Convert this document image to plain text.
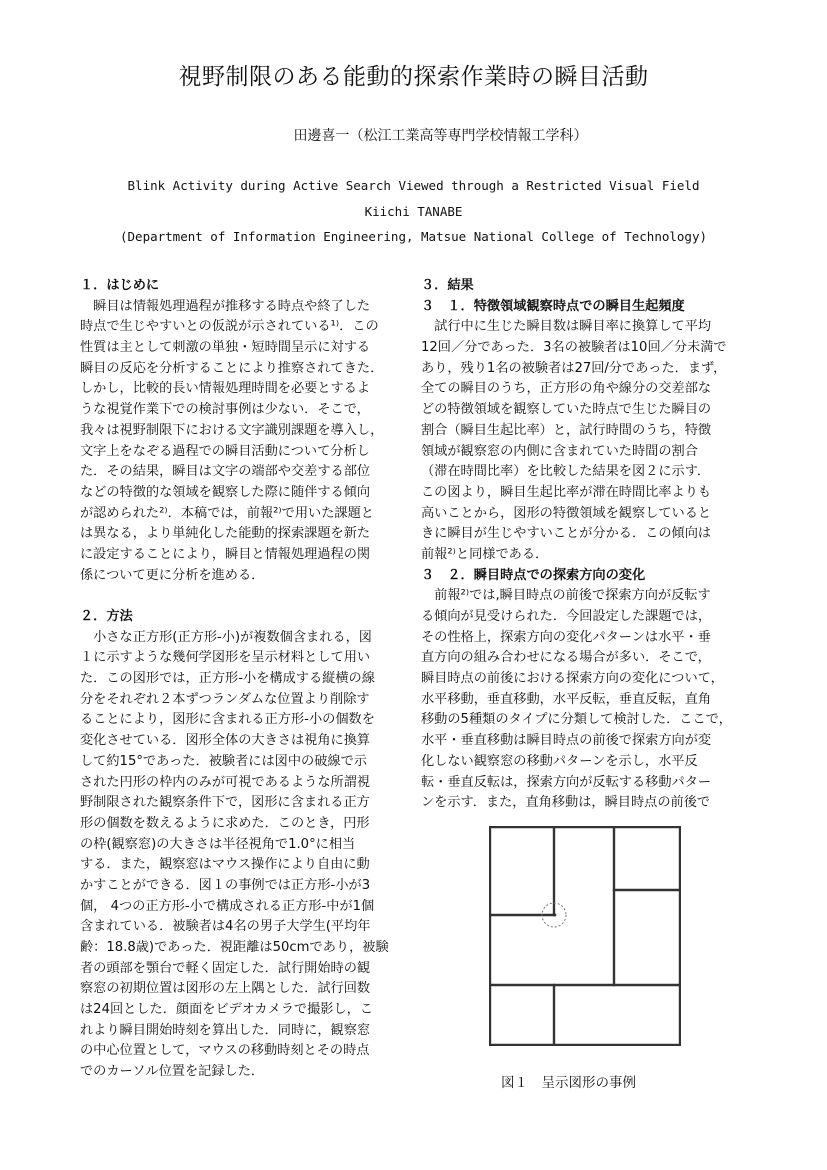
視野制限のある能動的探索作業時の瞬目活動
田邊喜一（松江工業高等専門学校情報工学科）
Blink Activity during Active Search Viewed through a Restricted Visual Field
Kiichi TANABE
(Department of Information Engineering, Matsue National College of Technology)
１．はじめに
　瞬目は情報処理過程が推移する時点や終了した
時点で生じやすいとの仮説が示されている¹⁾．この
性質は主として刺激の単独・短時間呈示に対する
瞬目の反応を分析することにより推察されてきた．
しかし，比較的長い情報処理時間を必要とするよ
うな視覚作業下での検討事例は少ない．そこで，
我々は視野制限下における文字識別課題を導入し，
文字上をなぞる過程での瞬目活動について分析し
た．その結果，瞬目は文字の端部や交差する部位
などの特徴的な領域を観察した際に随伴する傾向
が認められた²⁾．本稿では，前報²⁾で用いた課題と
は異なる，より単純化した能動的探索課題を新た
に設定することにより，瞬目と情報処理過程の関
係について更に分析を進める．
２．方法
　小さな正方形(正方形-小)が複数個含まれる，図
１に示すような幾何学図形を呈示材料として用い
た．この図形では，正方形-小を構成する縦横の線
分をそれぞれ２本ずつランダムな位置より削除す
ることにより，図形に含まれる正方形-小の個数を
変化させている．図形全体の大きさは視角に換算
して約15°であった．被験者には図中の破線で示
された円形の枠内のみが可視であるような所謂視
野制限された観察条件下で，図形に含まれる正方
形の個数を数えるように求めた．このとき，円形
の枠(観察窓)の大きさは半径視角で1.0°に相当
する．また，観察窓はマウス操作により自由に動
かすことができる．図１の事例では正方形-小が3
個， 4つの正方形-小で構成される正方形-中が1個
含まれている．被験者は4名の男子大学生(平均年
齢：18.8歳)であった．視距離は50cmであり，被験
者の頭部を顎台で軽く固定した．試行開始時の観
察窓の初期位置は図形の左上隅とした．試行回数
は24回とした．顔面をビデオカメラで撮影し，こ
れより瞬目開始時刻を算出した．同時に，観察窓
の中心位置として，マウスの移動時刻とその時点
でのカーソル位置を記録した．
３．結果
３　１．特徴領域観察時点での瞬目生起頻度
　試行中に生じた瞬目数は瞬目率に換算して平均
12回／分であった．3名の被験者は10回／分未満で
あり，残り1名の被験者は27回/分であった．まず，
全ての瞬目のうち，正方形の角や線分の交差部な
どの特徴領域を観察していた時点で生じた瞬目の
割合（瞬目生起比率）と，試行時間のうち，特徴
領域が観察窓の内側に含まれていた時間の割合
（滞在時間比率）を比較した結果を図２に示す．
この図より，瞬目生起比率が滞在時間比率よりも
高いことから，図形の特徴領域を観察していると
きに瞬目が生じやすいことが分かる．この傾向は
前報²⁾と同様である．
３　２．瞬目時点での探索方向の変化
　前報²⁾では,瞬目時点の前後で探索方向が反転す
る傾向が見受けられた．今回設定した課題では，
その性格上，探索方向の変化パターンは水平・垂
直方向の組み合わせになる場合が多い．そこで，
瞬目時点の前後における探索方向の変化について，
水平移動，垂直移動，水平反転，垂直反転，直角
移動の5種類のタイプに分類して検討した．ここで，
水平・垂直移動は瞬目時点の前後で探索方向が変
化しない観察窓の移動パターンを示し，水平反
転・垂直反転は，探索方向が反転する移動パター
ンを示す．また，直角移動は，瞬目時点の前後で
図１　呈示図形の事例
